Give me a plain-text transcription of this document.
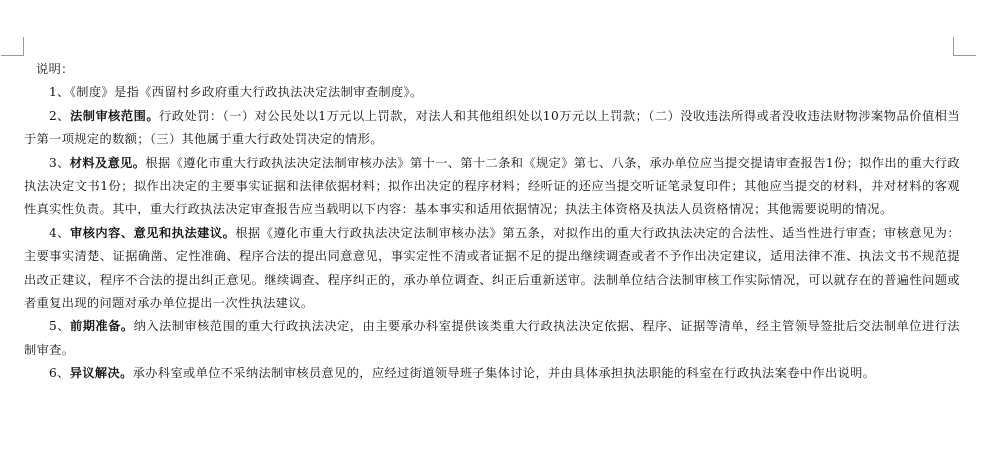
说明：

1、《制度》是指《西留村乡政府重大行政执法决定法制审查制度》。

2、法制审核范围。行政处罚：（一）对公民处以1万元以上罚款，对法人和其他组织处以10万元以上罚款；（二）没收违法所得或者没收违法财物涉案物品价值相当于第一项规定的数额；（三）其他属于重大行政处罚决定的情形。

3、材料及意见。根据《遵化市重大行政执法决定法制审核办法》第十一、第十二条和《规定》第七、八条，承办单位应当提交提请审查报告1份；拟作出的重大行政执法决定文书1份；拟作出决定的主要事实证据和法律依据材料；拟作出决定的程序材料；经听证的还应当提交听证笔录复印件；其他应当提交的材料，并对材料的客观性真实性负责。其中，重大行政执法决定审查报告应当载明以下内容：基本事实和适用依据情况；执法主体资格及执法人员资格情况；其他需要说明的情况。

4、审核内容、意见和执法建议。根据《遵化市重大行政执法决定法制审核办法》第五条，对拟作出的重大行政执法决定的合法性、适当性进行审查；审核意见为：主要事实清楚、证据确凿、定性准确、程序合法的提出同意意见，事实定性不清或者证据不足的提出继续调查或者不予作出决定建议，适用法律不准、执法文书不规范提出改正建议，程序不合法的提出纠正意见。继续调查、程序纠正的，承办单位调查、纠正后重新送审。法制单位结合法制审核工作实际情况，可以就存在的普遍性问题或者重复出现的问题对承办单位提出一次性执法建议。

5、前期准备。纳入法制审核范围的重大行政执法决定，由主要承办科室提供该类重大行政执法决定依据、程序、证据等清单，经主管领导签批后交法制单位进行法制审查。

6、异议解决。承办科室或单位不采纳法制审核员意见的，应经过街道领导班子集体讨论，并由具体承担执法职能的科室在行政执法案卷中作出说明。
